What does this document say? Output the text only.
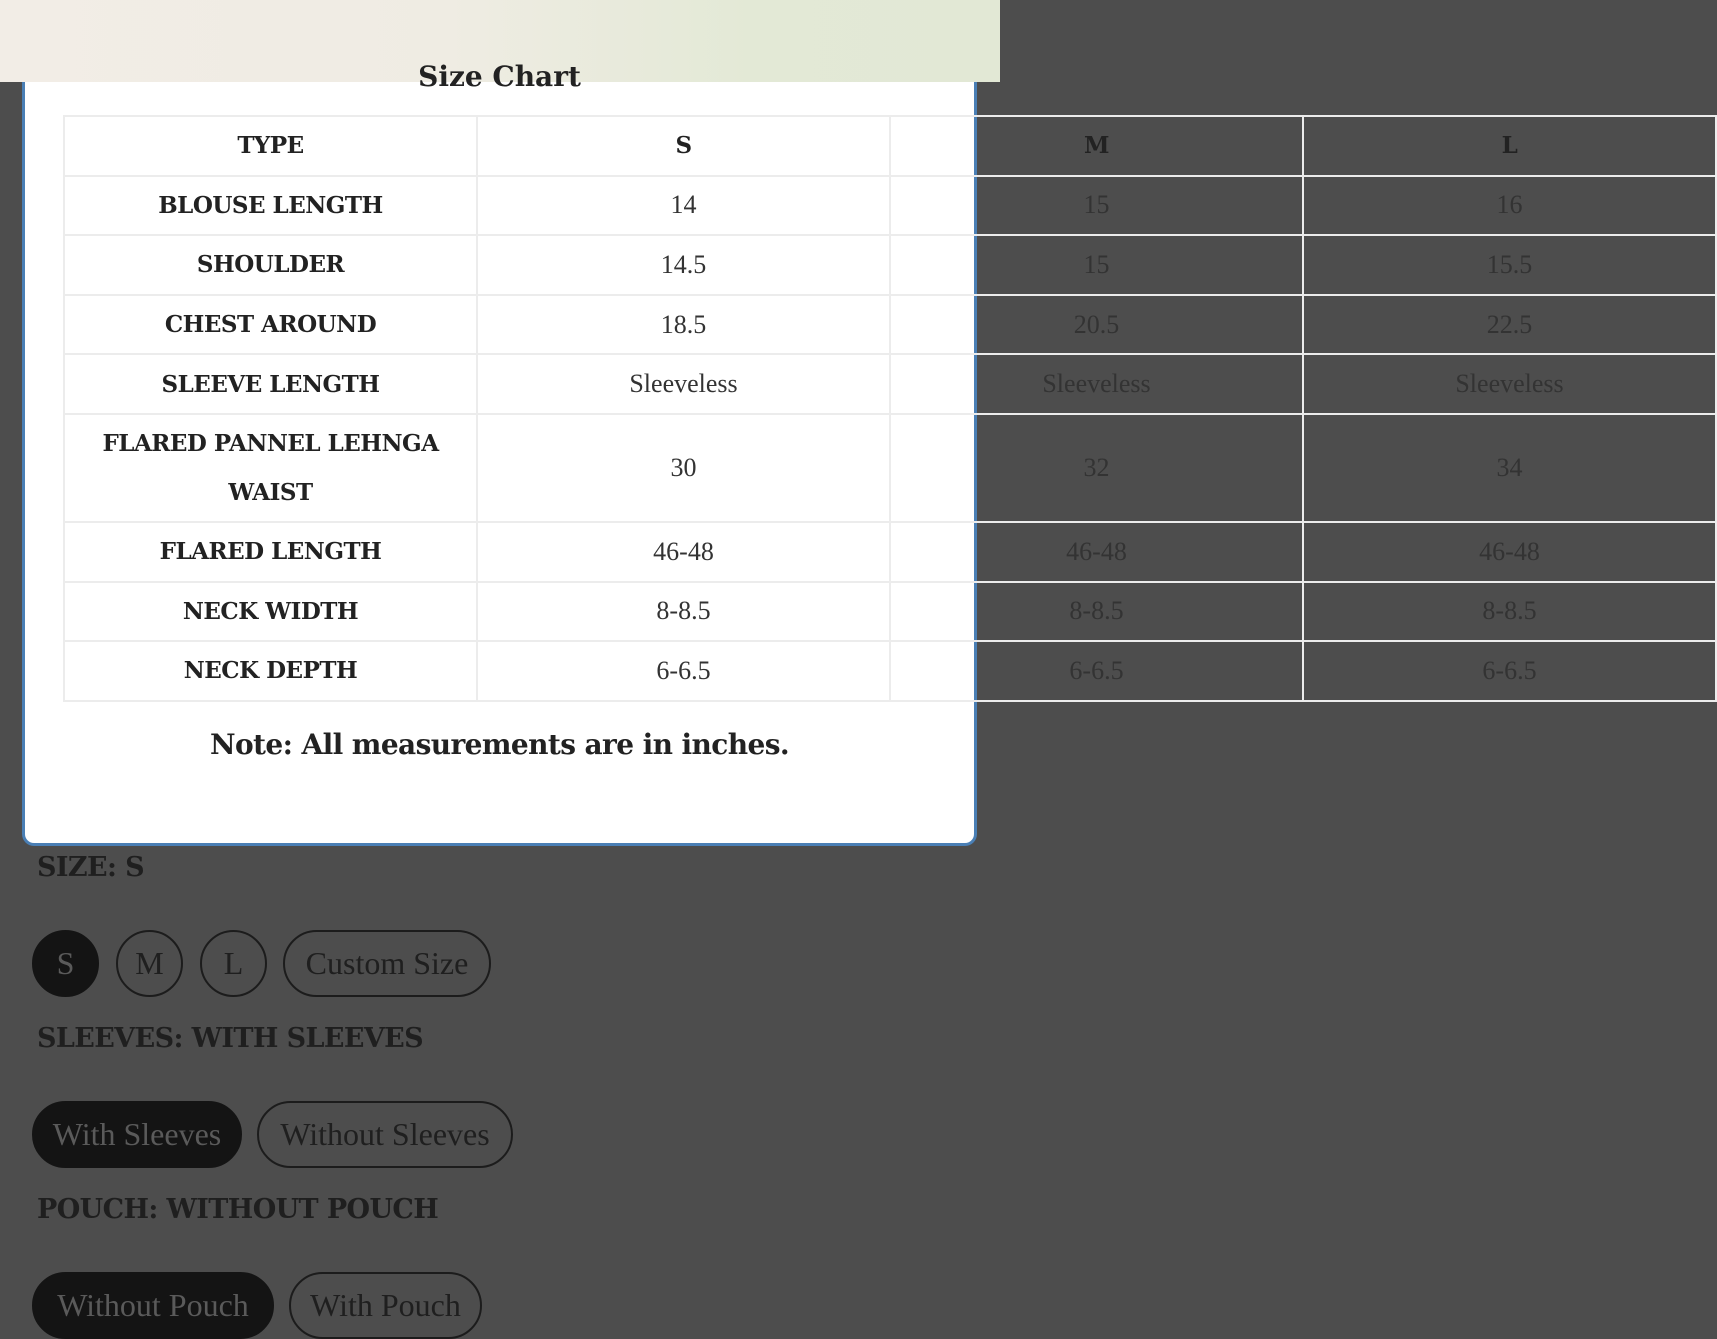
Size Chart
TYPE	S	M	L
BLOUSE LENGTH	14	15	16
SHOULDER	14.5	15	15.5
CHEST AROUND	18.5	20.5	22.5
SLEEVE LENGTH	Sleeveless	Sleeveless	Sleeveless
FLARED PANNEL LEHNGA WAIST	30	32	34
FLARED LENGTH	46-48	46-48	46-48
NECK WIDTH	8-8.5	8-8.5	8-8.5
NECK DEPTH	6-6.5	6-6.5	6-6.5
Note: All measurements are in inches.
SIZE: S
S	M	L	Custom Size
SLEEVES: WITH SLEEVES
With Sleeves	Without Sleeves
POUCH: WITHOUT POUCH
Without Pouch	With Pouch
